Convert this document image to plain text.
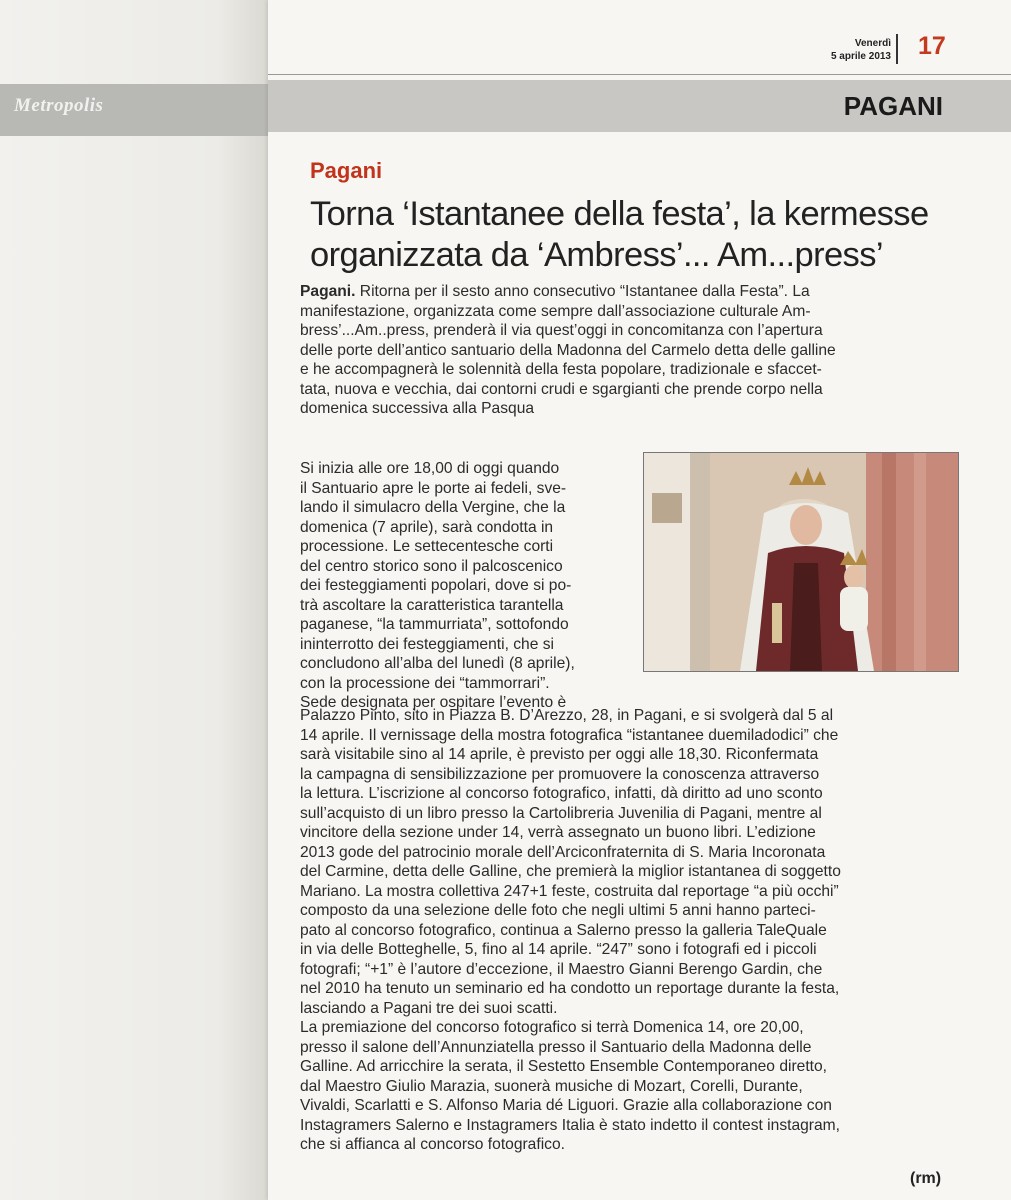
Metropolis
Venerdì
5 aprile 2013 17
PAGANI
Pagani
Torna ‘Istantanee della festa’, la kermesse
organizzata da ‘Ambress’... Am...press’
Pagani. Ritorna per il sesto anno consecutivo “Istantanee dalla Festa”. La
manifestazione, organizzata come sempre dall’associazione culturale Am-
bress’...Am..press, prenderà il via quest’oggi in concomitanza con l’apertura
delle porte dell’antico santuario della Madonna del Carmelo detta delle galline
e he accompagnerà le solennità della festa popolare, tradizionale e sfaccet-
tata, nuova e vecchia, dai contorni crudi e sgargianti che prende corpo nella
domenica successiva alla Pasqua
Si inizia alle ore 18,00 di oggi quando
il Santuario apre le porte ai fedeli, sve-
lando il simulacro della Vergine, che la
domenica (7 aprile), sarà condotta in
processione. Le settecentesche corti
del centro storico sono il palcoscenico
dei festeggiamenti popolari, dove si po-
trà ascoltare la caratteristica tarantella
paganese, “la tammurriata”, sottofondo
ininterrotto dei festeggiamenti, che si
concludono all’alba del lunedì (8 aprile),
con la processione dei “tammorrari”.
Sede designata per ospitare l’evento è
Palazzo Pinto, sito in Piazza B. D’Arezzo, 28, in Pagani, e si svolgerà dal 5 al
14 aprile. Il vernissage della mostra fotografica “istantanee duemiladodici” che
sarà visitabile sino al 14 aprile, è previsto per oggi alle 18,30. Riconfermata
la campagna di sensibilizzazione per promuovere la conoscenza attraverso
la lettura. L’iscrizione al concorso fotografico, infatti, dà diritto ad uno sconto
sull’acquisto di un libro presso la Cartolibreria Juvenilia di Pagani, mentre al
vincitore della sezione under 14, verrà assegnato un buono libri. L’edizione
2013 gode del patrocinio morale dell’Arciconfraternita di S. Maria Incoronata
del Carmine, detta delle Galline, che premierà la miglior istantanea di soggetto
Mariano. La mostra collettiva 247+1 feste, costruita dal reportage “a più occhi”
composto da una selezione delle foto che negli ultimi 5 anni hanno parteci-
pato al concorso fotografico, continua a Salerno presso la galleria TaleQuale
in via delle Botteghelle, 5, fino al 14 aprile. “247” sono i fotografi ed i piccoli
fotografi; “+1” è l’autore d’eccezione, il Maestro Gianni Berengo Gardin, che
nel 2010 ha tenuto un seminario ed ha condotto un reportage durante la festa,
lasciando a Pagani tre dei suoi scatti.
La premiazione del concorso fotografico si terrà Domenica 14, ore 20,00,
presso il salone dell’Annunziatella presso il Santuario della Madonna delle
Galline. Ad arricchire la serata, il Sestetto Ensemble Contemporaneo diretto,
dal Maestro Giulio Marazia, suonerà musiche di Mozart, Corelli, Durante,
Vivaldi, Scarlatti e S. Alfonso Maria dé Liguori. Grazie alla collaborazione con
Instagramers Salerno e Instagramers Italia è stato indetto il contest instagram,
che si affianca al concorso fotografico.
(rm)
